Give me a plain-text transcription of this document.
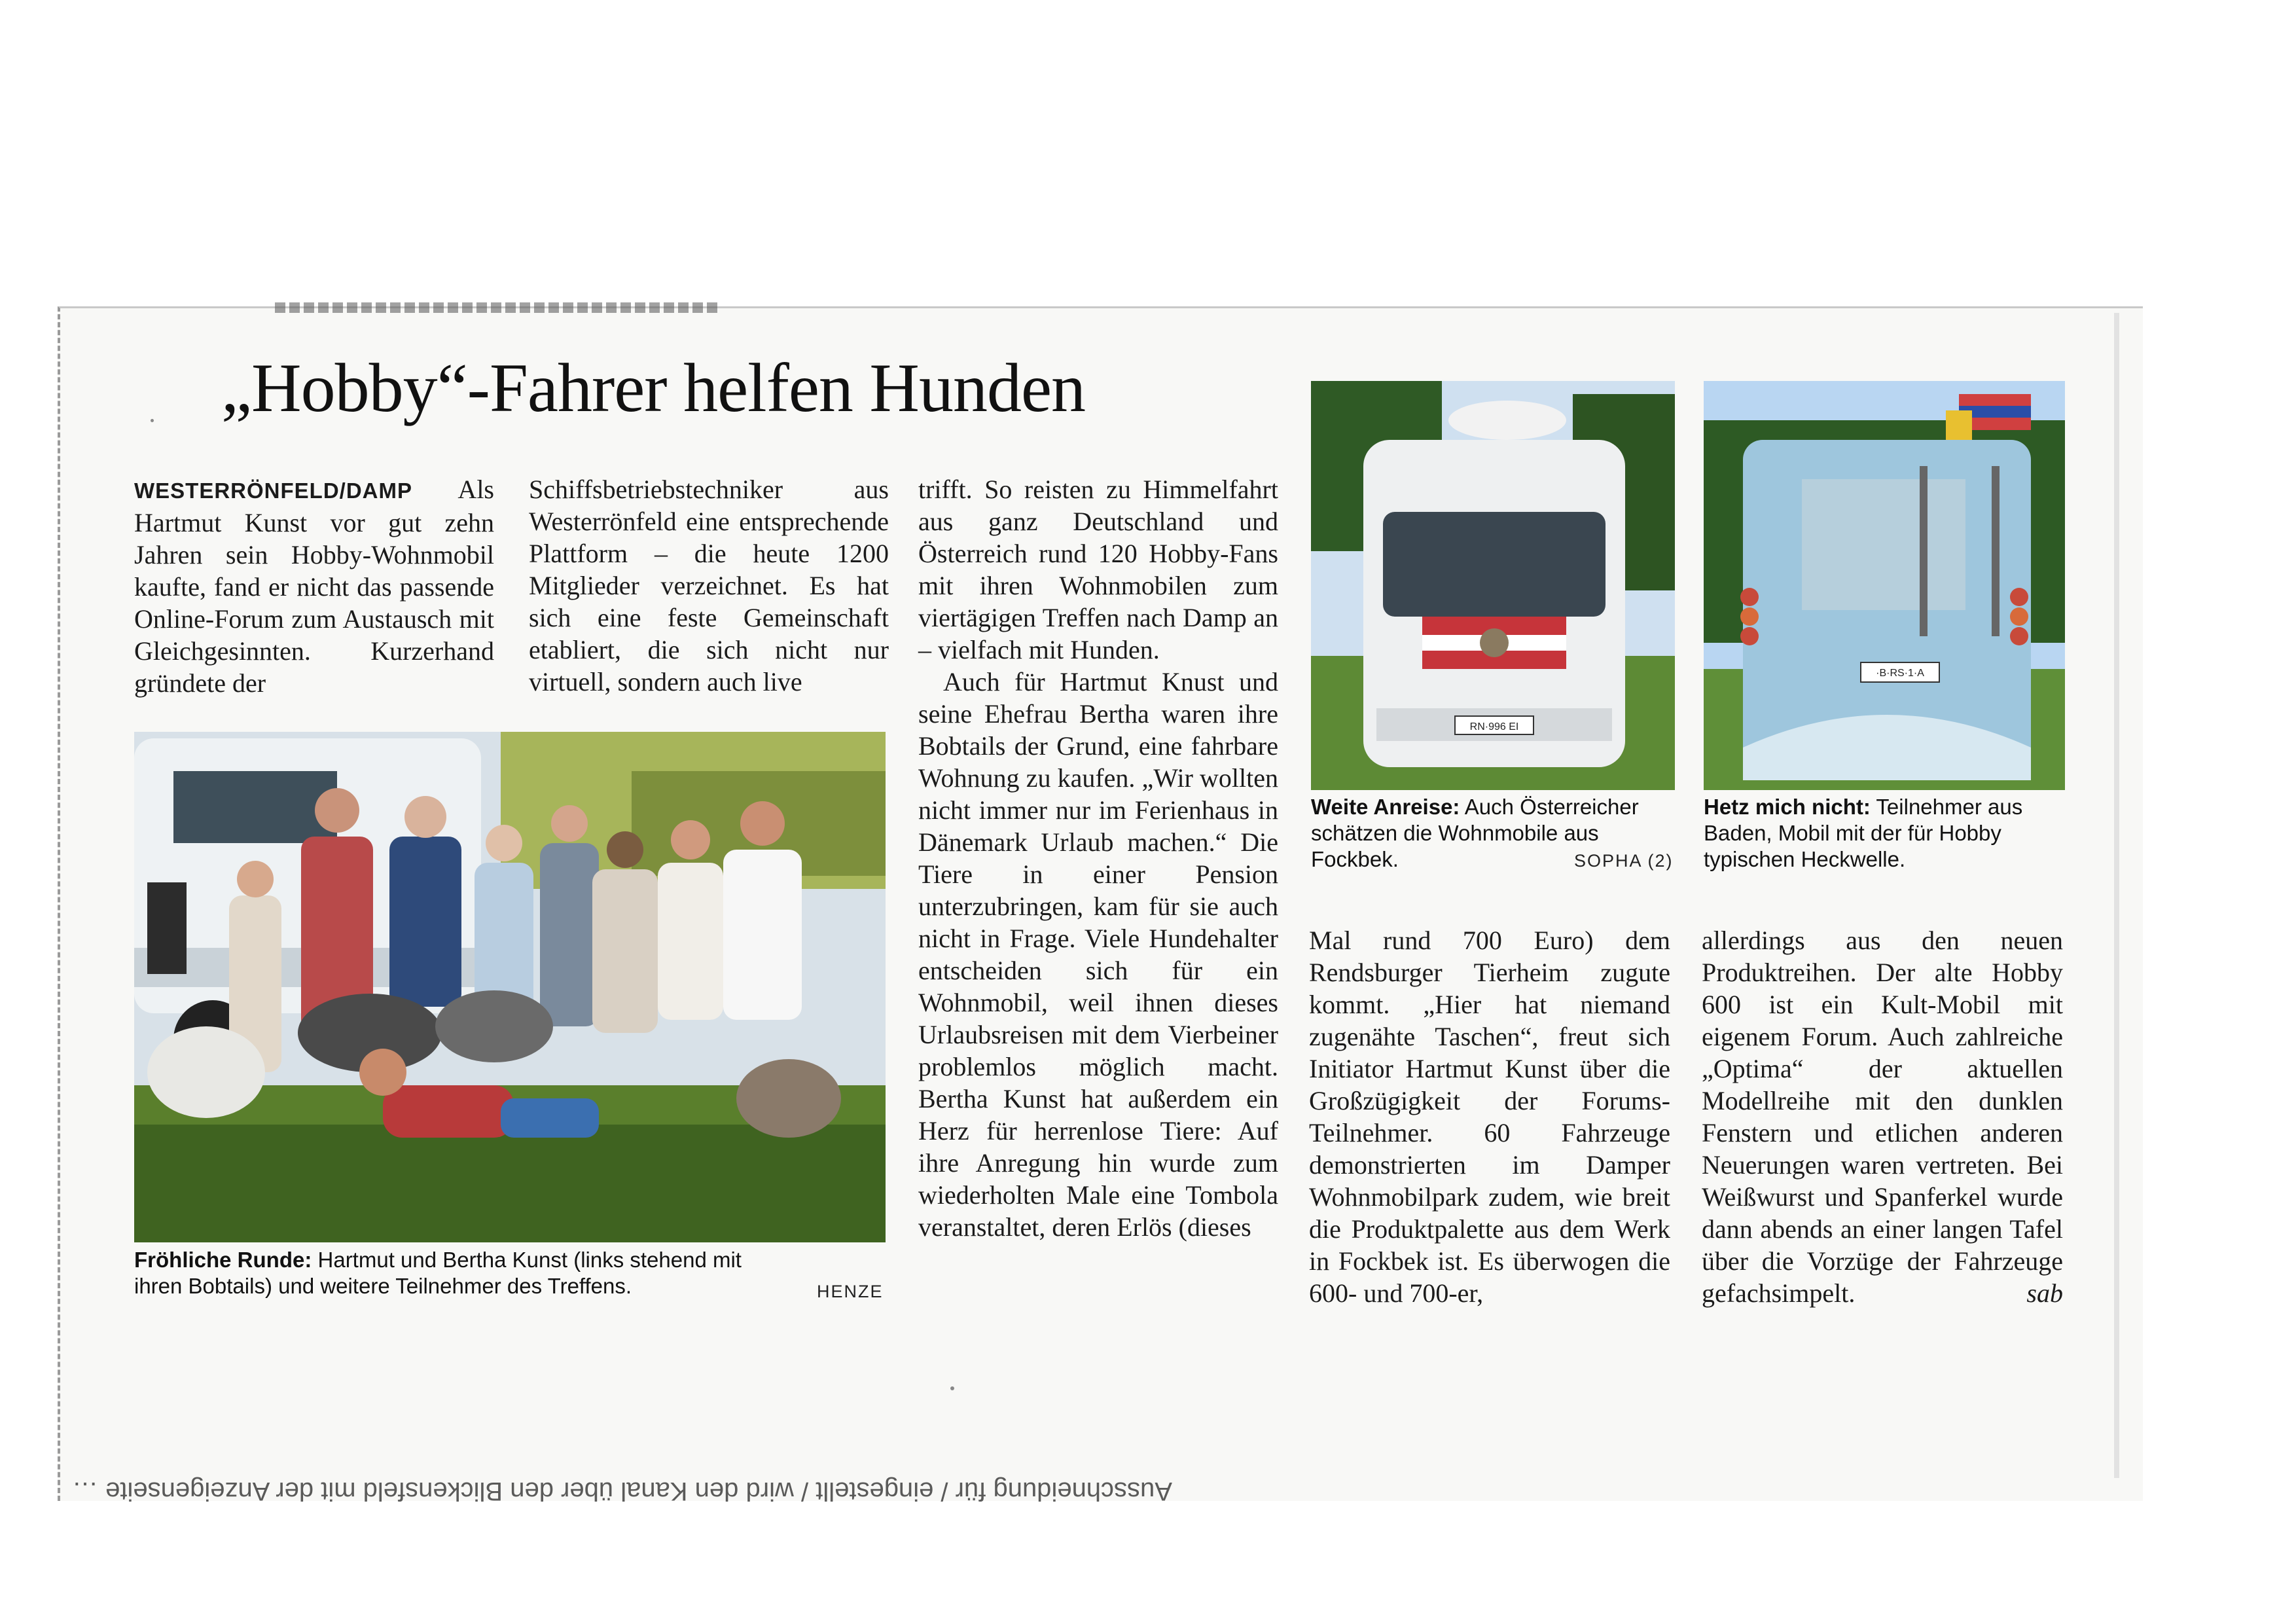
„Hobby“-Fahrer helfen Hunden

WESTERRÖNFELD/DAMP Als Hartmut Kunst vor gut zehn Jahren sein Hobby-Wohnmobil kaufte, fand er nicht das passende Online-Forum zum Austausch mit Gleichgesinnten. Kurzerhand gründete der

Schiffsbetriebstechniker aus Westerrönfeld eine entsprechende Plattform – die heute 1200 Mitglieder verzeichnet. Es hat sich eine feste Gemeinschaft etabliert, die sich nicht nur virtuell, sondern auch live

Fröhliche Runde: Hartmut und Bertha Kunst (links stehend mit ihren Bobtails) und weitere Teilnehmer des Treffens.	HENZE

trifft. So reisten zu Himmelfahrt aus ganz Deutschland und Österreich rund 120 Hobby-Fans mit ihren Wohnmobilen zum viertägigen Treffen nach Damp an – vielfach mit Hunden.

Auch für Hartmut Knust und seine Ehefrau Bertha waren ihre Bobtails der Grund, eine fahrbare Wohnung zu kaufen. „Wir wollten nicht immer nur im Ferienhaus in Dänemark Urlaub machen.“ Die Tiere in einer Pension unterzubringen, kam für sie auch nicht in Frage. Viele Hundehalter entscheiden sich für ein Wohnmobil, weil ihnen dieses Urlaubsreisen mit dem Vierbeiner problemlos möglich macht. Bertha Kunst hat außerdem ein Herz für herrenlose Tiere: Auf ihre Anregung hin wurde zum wiederholten Male eine Tombola veranstaltet, deren Erlös (dieses

RN·996 EI
Weite Anreise: Auch Österreicher schätzen die Wohnmobile aus Fockbek.	SOPHA (2)
·B·RS·1·A
Hetz mich nicht: Teilnehmer aus Baden, Mobil mit der für Hobby typischen Heckwelle.

Mal rund 700 Euro) dem Rendsburger Tierheim zugute kommt. „Hier hat niemand zugenähte Taschen“, freut sich Initiator Hartmut Kunst über die Großzügigkeit der Forums-Teilnehmer. 60 Fahrzeuge demonstrierten im Damper Wohnmobilpark zudem, wie breit die Produktpalette aus dem Werk in Fockbek ist. Es überwogen die 600- und 700-er,

allerdings aus den neuen Produktreihen. Der alte Hobby 600 ist ein Kult-Mobil mit eigenem Forum. Auch zahlreiche „Optima“ der aktuellen Modellreihe mit den dunklen Fenstern und etlichen anderen Neuerungen waren vertreten. Bei Weißwurst und Spanferkel wurde dann abends an einer langen Tafel über die Vorzüge der Fahrzeuge gefachsimpelt.	sab

Ausschneidung für / eingestellt / wird den Kanal über den Blickensfeld mit der Anzeigenseite …
